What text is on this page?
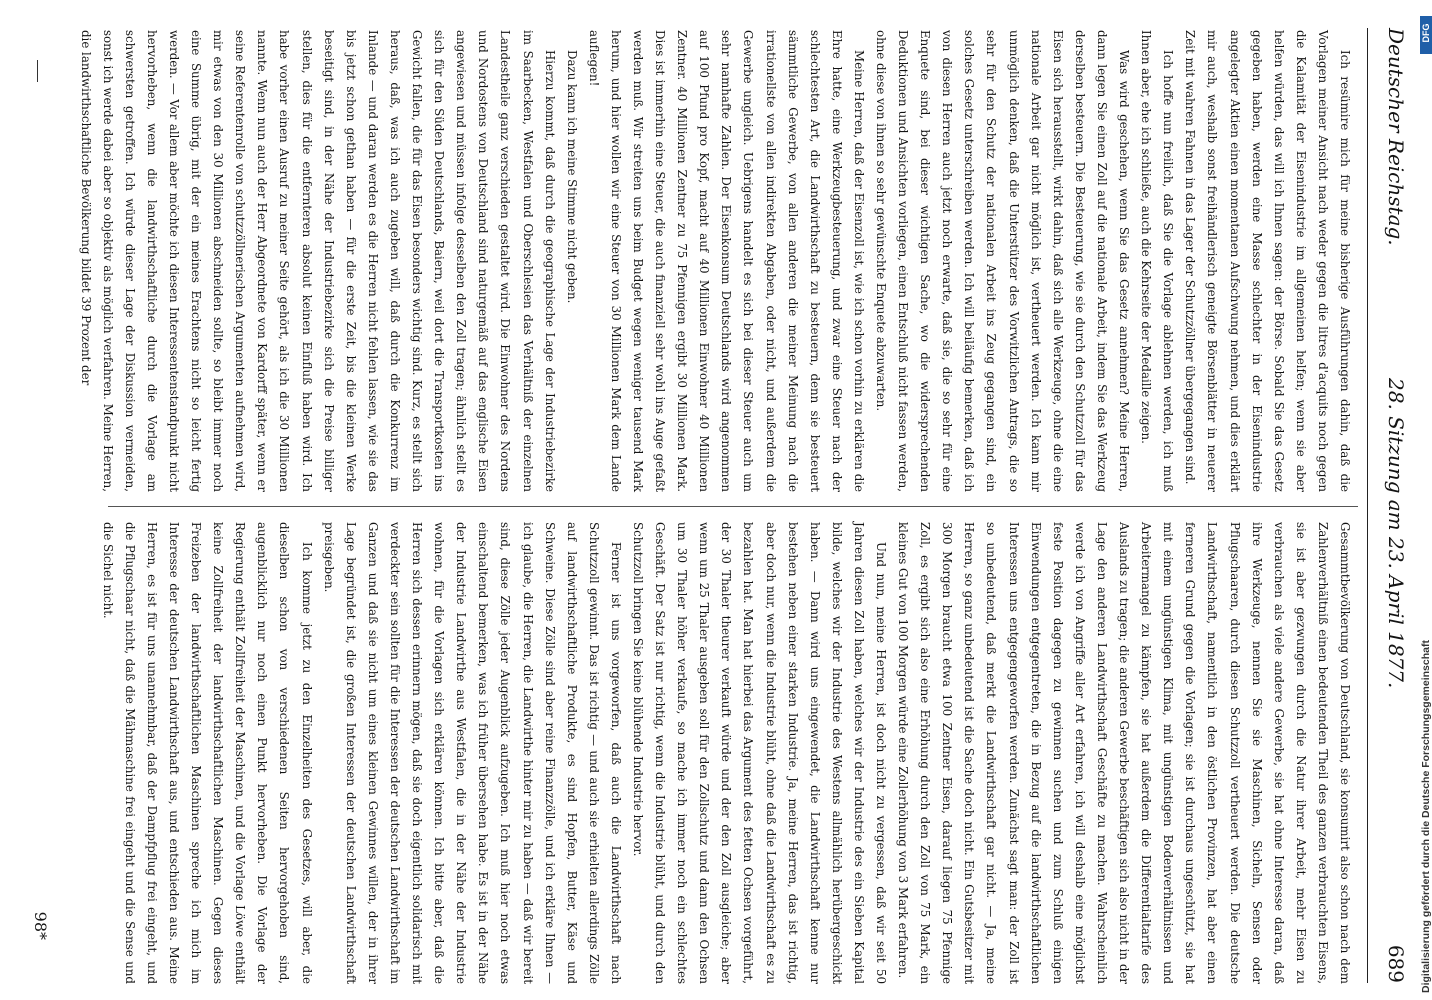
Deutscher Reichstag.
28. Sitzung am 23. April 1877.
689

Ich resümire mich für meine bisherige Ausführungen dahin, daß die Vorlagen meiner Ansicht nach weder gegen die litres d'acquits noch gegen die Kalamität der Eisenindustrie im allgemeinen helfen; wenn sie aber helfen würden, das will ich Ihnen sagen: der Börse. Sobald Sie das Gesetz gegeben haben, werden eine Masse schlechter in der Eisenindustrie angelegter Aktien einen momentanen Aufschwung nehmen, und dies erklärt mir auch, weshalb sonst freihändlerisch geneigte Börsenblätter in neuerer Zeit mit wahren Fahnen in das Lager der Schutzzöllner übergegangen sind.

Ich hoffe nun freilich, daß Sie die Vorlage ablehnen werden, ich muß Ihnen aber, ehe ich schließe, auch die Kehrseite der Medaille zeigen.

Was wird geschehen, wenn Sie das Gesetz annehmen? Meine Herren, dann legen Sie einen Zoll auf die nationale Arbeit, indem Sie das Werkzeug derselben besteuern. Die Besteuerung, wie sie durch den Schutzzoll für das Eisen sich herausstellt, wirkt dahin, daß sich alle Werkzeuge, ohne die eine nationale Arbeit gar nicht möglich ist, vertheuert werden. Ich kann mir unmöglich denken, daß die Unterstützer des Vorwitzlichen Antrags, die so sehr für den Schutz der nationalen Arbeit ins Zeug gegangen sind, ein solches Gesetz unterschreiben werden. Ich will beiläufig bemerken, daß ich von diesen Herren auch jetzt noch erwarte, daß sie, die so sehr für eine Enquete sind, bei dieser wichtigen Sache, wo die widersprechenden Deduktionen und Ansichten vorliegen, einen Entschluß nicht fassen werden, ohne diese von ihnen so sehr gewünschte Enquete abzuwarten.

Meine Herren, daß der Eisenzoll ist, wie ich schon vorhin zu erklären die Ehre hatte, eine Werkzeugbesteuerung, und zwar eine Steuer nach der schlechtesten Art, die Landwirthschaft zu besteuern, denn sie besteuert sämmtliche Gewerbe, von allen anderen die meiner Meinung nach die irrationellste von allen indirekten Abgaben, oder nicht, und außerdem die Gewerbe ungleich. Uebrigens handelt es sich bei dieser Steuer auch um sehr namhafte Zahlen. Der Eisenkonsum Deutschlands wird angenommen auf 100 Pfund pro Kopf, macht auf 40 Millionen Einwohner 40 Millionen Zentner. 40 Millionen Zentner zu 75 Pfennigen ergibt 30 Millionen Mark. Dies ist immerhin eine Steuer, die auch finanziell sehr wohl ins Auge gefaßt werden muß. Wir streiten uns beim Budget wegen weniger tausend Mark herum, und hier wollen wir eine Steuer von 30 Millionen Mark dem Lande auflegen!

Dazu kann ich meine Stimme nicht geben.

Hierzu kommt, daß durch die geographische Lage der Industriebezirke im Saarbecken, Westfalen und Oberschlesien das Verhältniß der einzelnen Landestheile ganz verschieden gestaltet wird. Die Einwohner des Nordens und Nordostens von Deutschland sind naturgemäß auf das englische Eisen angewiesen und müssen infolge desselben den Zoll tragen; ähnlich stellt es sich für den Süden Deutschlands, Baiern, weil dort die Transportkosten ins Gewicht fallen, die für das Eisen besonders wichtig sind. Kurz, es stellt sich heraus, daß, was ich auch zugeben will, daß durch die Konkurrenz im Inlande — und daran werden es die Herren nicht fehlen lassen, wie sie das bis jetzt schon gethan haben — für die erste Zeit, bis die kleinen Werke beseitigt sind, in der Nähe der Industriebezirke sich die Preise billiger stellen, dies für die entfernteren absolut keinen Einfluß haben wird. Ich habe vorher einen Ausruf zu meiner Seite gehört, als ich die 30 Millionen nannte. Wenn nun auch der Herr Abgeordnete von Kardorff später, wenn er seine Referentenrolle von schutzzöllnerischen Argumenten aufnehmen wird, mir etwas von den 30 Millionen abschneiden sollte, so bleibt immer noch eine Summe übrig, mit der ein meines Erachtens nicht so leicht fertig werden. — Vor allem aber möchte ich diesen Interessentenstandpunkt nicht hervorheben, wenn die landwirthschaftliche durch die Vorlage am schwersten getroffen. Ich würde dieser Lage der Diskussion vermeiden, sonst ich werde dabei aber so objektiv als möglich verfahren. Meine Herren, die landwirthschaftliche Bevölkerung bildet 39 Prozent der

Gesammtbevölkerung von Deutschland, sie konsumirt also schon nach dem Zahlenverhältniß einen bedeutenden Theil des ganzen verbrauchten Eisens, sie ist aber gezwungen durch die Natur ihrer Arbeit, mehr Eisen zu verbrauchen als viele andere Gewerbe, sie hat ohne Interesse daran, daß ihre Werkzeuge, nennen Sie sie Maschinen, Sicheln, Sensen oder Pflugschaaren, durch diesen Schutzzoll vertheuert werden. Die deutsche Landwirthschaft, namentlich in den östlichen Provinzen, hat aber einen ferneren Grund gegen die Vorlagen; sie ist durchaus ungeschützt, sie hat mit einem ungünstigen Klima, mit ungünstigen Bodenverhältnissen und Arbeitermangel zu kämpfen, sie hat außerdem die Differentialtarife des Auslands zu tragen; die anderen Gewerbe beschäftigen sich also nicht in der Lage den anderen Landwirthschaft Geschäfte zu machen. Wahrscheinlich werde ich von Angriffe aller Art erfahren, ich will deshalb eine möglichst feste Position dagegen zu gewinnen suchen und zum Schluß einigen Einwendungen entgegentreten, die in Bezug auf die landwirthschaftlichen Interessen uns entgegengeworfen werden. Zunächst sagt man: der Zoll ist so unbedeutend, daß merkt die Landwirthschaft gar nicht. — Ja, meine Herren, so ganz unbedeutend ist die Sache doch nicht. Ein Gutsbesitzer mit 300 Morgen braucht etwa 100 Zentner Eisen, darauf liegen 75 Pfennige Zoll, es ergibt sich also eine Erhöhung durch den Zoll von 75 Mark, ein kleines Gut von 100 Morgen würde eine Zollerhöhung von 3 Mark erfahren.

Und nun, meine Herren, ist doch nicht zu vergessen, daß wir seit 50 Jahren diesen Zoll haben, welches wir der Industrie des ein Sieben Kapital bilde, welches wir der Industrie des Westens allmählich herübergeschickt haben. — Dann wird uns eingewendet, die Landwirthschaft kenne nur bestehen neben einer starken Industrie. Ja, meine Herren, das ist richtig, aber doch nur, wenn die Industrie blüht, ohne daß die Landwirthschaft es zu bezahlen hat. Man hat hierbei das Argument des fetten Ochsen vorgeführt, der 30 Thaler theurer verkauft würde und der den Zoll ausgleiche; aber wenn um 25 Thaler ausgeben soll für den Zollschutz und dann den Ochsen um 30 Thaler höher verkaufe, so mache ich immer noch ein schlechtes Geschäft. Der Satz ist nur richtig, wenn die Industrie blüht, und durch den Schutzzoll bringen Sie keine blühende Industrie hervor.

Ferner ist uns vorgeworfen, daß auch die Landwirthschaft nach Schutzzoll gewinnt. Das ist richtig — und auch sie erhielten allerdings Zölle auf landwirthschaftliche Produkte, es sind Hopfen, Butter, Käse und Schweine. Diese Zölle sind aber reine Finanzzölle, und ich erkläre Ihnen — ich glaube, die Herren, die Landwirthe hinter mir zu haben — daß wir bereit sind, diese Zölle jeder Augenblick aufzugeben. Ich muß hier noch etwas einschaltend bemerken, was ich früher übersehen habe. Es ist in der Nähe der Industrie Landwirthe aus Westfalen, die in der Nähe der Industrie wohnen, für die Vorlagen sich erklären können. Ich bitte aber, daß die Herren sich dessen erinnern mögen, daß sie doch eigentlich solidarisch mit verdeckter sein sollten für die Interessen der deutschen Landwirthschaft im Ganzen und daß sie nicht um eines kleinen Gewinnes willen, der in ihrer Lage begründet ist, die großen Interessen der deutschen Landwirthschaft preisgeben.

Ich komme jetzt zu den Einzelheiten des Gesetzes, will aber, die dieselben schon von verschiedenen Seiten hervorgehoben sind, augenblicklich nur noch einen Punkt hervorheben. Die Vorlage der Regierung enthält Zollfreiheit der Maschinen, und die Vorlage Löwe enthält keine Zollfreiheit der landwirthschaftlichen Maschinen. Gegen dieses Freizeben der landwirthschaftlichen Maschinen spreche ich mich im Interesse der deutschen Landwirthschaft aus, und entschieden aus. Meine Herren, es ist für uns unannehmbar, daß der Dampfpflug frei eingeht, und die Pflugschaar nicht, daß die Mähmaschine frei eingeht und die Sense und die Sichel nicht.

98*	Digitalisierung gefördert durch die Deutsche Forschungsgemeinschaft
DFG
